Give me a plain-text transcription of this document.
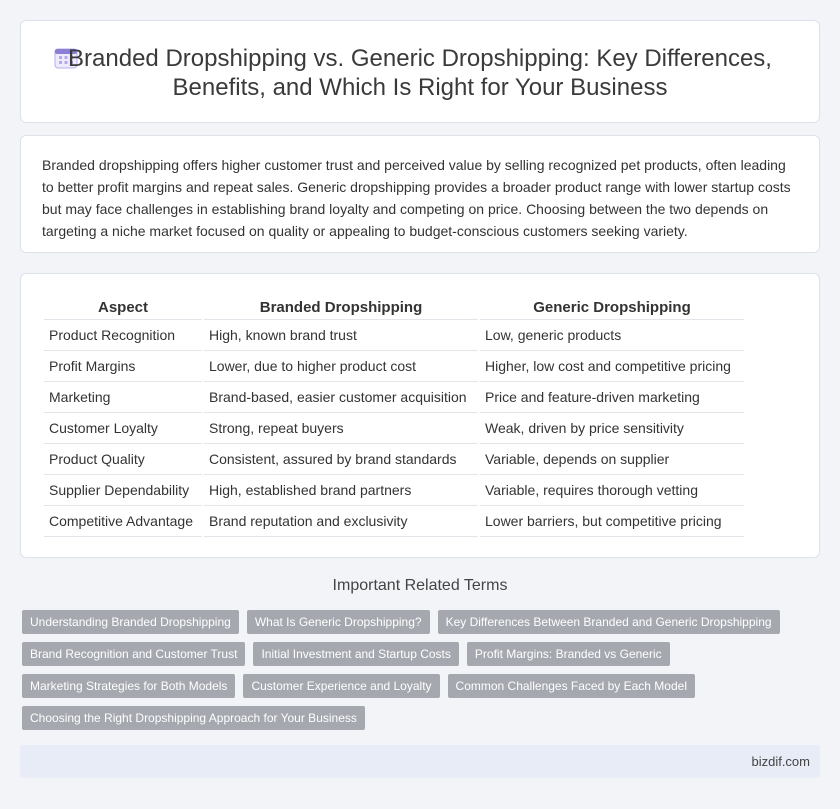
Branded Dropshipping vs. Generic Dropshipping: Key Differences, Benefits, and Which Is Right for Your Business

Branded dropshipping offers higher customer trust and perceived value by selling recognized pet products, often leading to better profit margins and repeat sales. Generic dropshipping provides a broader product range with lower startup costs but may face challenges in establishing brand loyalty and competing on price. Choosing between the two depends on targeting a niche market focused on quality or appealing to budget-conscious customers seeking variety.

Aspect	Branded Dropshipping	Generic Dropshipping
Product Recognition	High, known brand trust	Low, generic products
Profit Margins	Lower, due to higher product cost	Higher, low cost and competitive pricing
Marketing	Brand-based, easier customer acquisition	Price and feature-driven marketing
Customer Loyalty	Strong, repeat buyers	Weak, driven by price sensitivity
Product Quality	Consistent, assured by brand standards	Variable, depends on supplier
Supplier Dependability	High, established brand partners	Variable, requires thorough vetting
Competitive Advantage	Brand reputation and exclusivity	Lower barriers, but competitive pricing
Important Related Terms
Understanding Branded Dropshipping	What Is Generic Dropshipping?	Key Differences Between Branded and Generic Dropshipping
Brand Recognition and Customer Trust	Initial Investment and Startup Costs	Profit Margins: Branded vs Generic
Marketing Strategies for Both Models	Customer Experience and Loyalty	Common Challenges Faced by Each Model
Choosing the Right Dropshipping Approach for Your Business
bizdif.com
